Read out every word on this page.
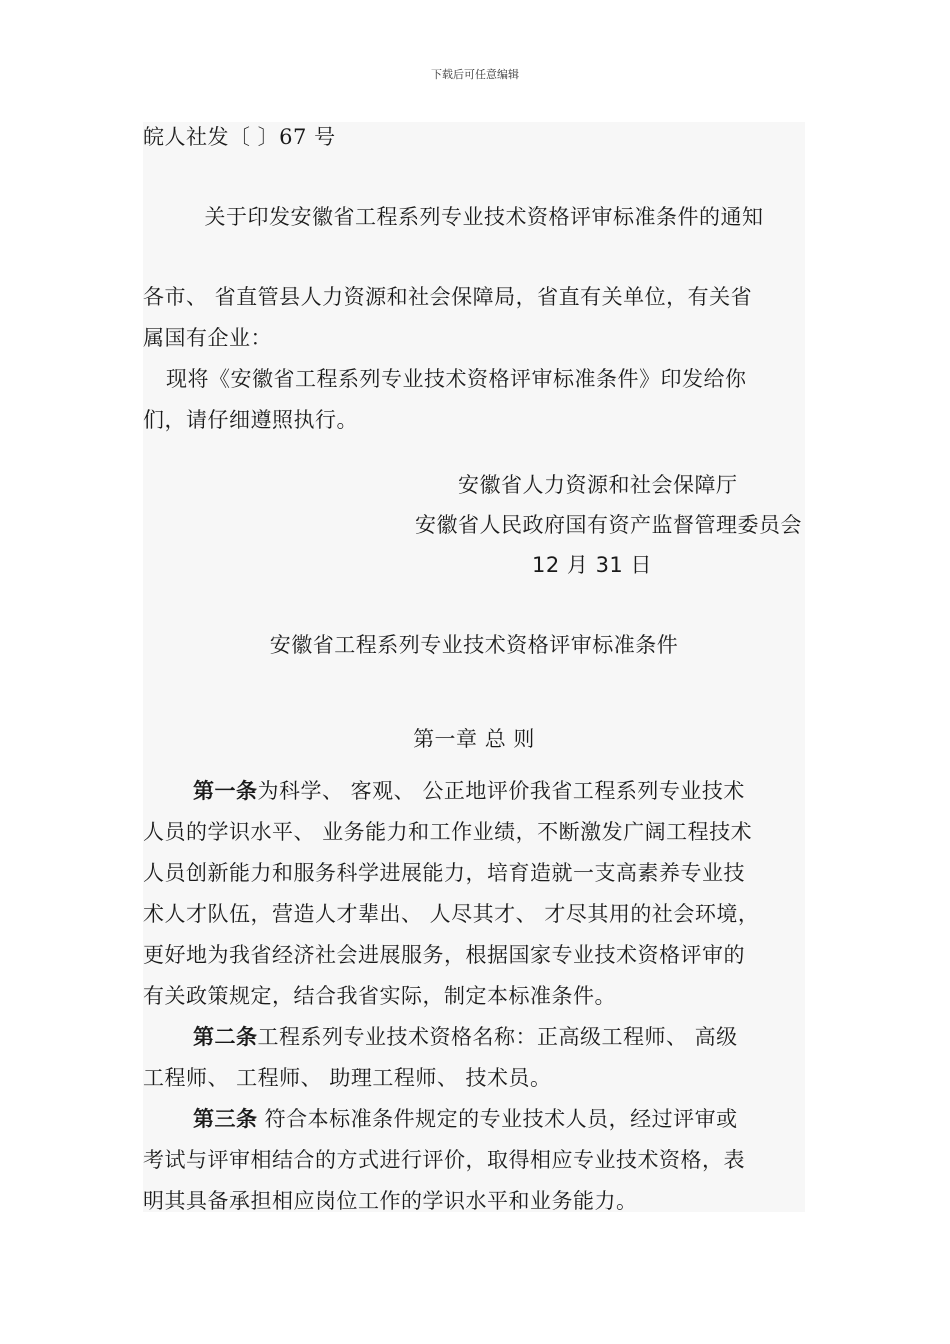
下载后可任意编辑
皖人社发〔 〕67 号
关于印发安徽省工程系列专业技术资格评审标准条件的通知
各市、 省直管县人力资源和社会保障局，省直有关单位，有关省
属国有企业：
现将《安徽省工程系列专业技术资格评审标准条件》印发给你
们，请仔细遵照执行。
安徽省人力资源和社会保障厅
安徽省人民政府国有资产监督管理委员会
12 月 31 日
安徽省工程系列专业技术资格评审标准条件
第一章 总 则
第一条为科学、 客观、 公正地评价我省工程系列专业技术
人员的学识水平、 业务能力和工作业绩，不断激发广阔工程技术
人员创新能力和服务科学进展能力，培育造就一支高素养专业技
术人才队伍，营造人才辈出、 人尽其才、 才尽其用的社会环境，
更好地为我省经济社会进展服务，根据国家专业技术资格评审的
有关政策规定，结合我省实际，制定本标准条件。
第二条工程系列专业技术资格名称：正高级工程师、 高级
工程师、 工程师、 助理工程师、 技术员。
第三条 符合本标准条件规定的专业技术人员，经过评审或
考试与评审相结合的方式进行评价，取得相应专业技术资格，表
明其具备承担相应岗位工作的学识水平和业务能力。
